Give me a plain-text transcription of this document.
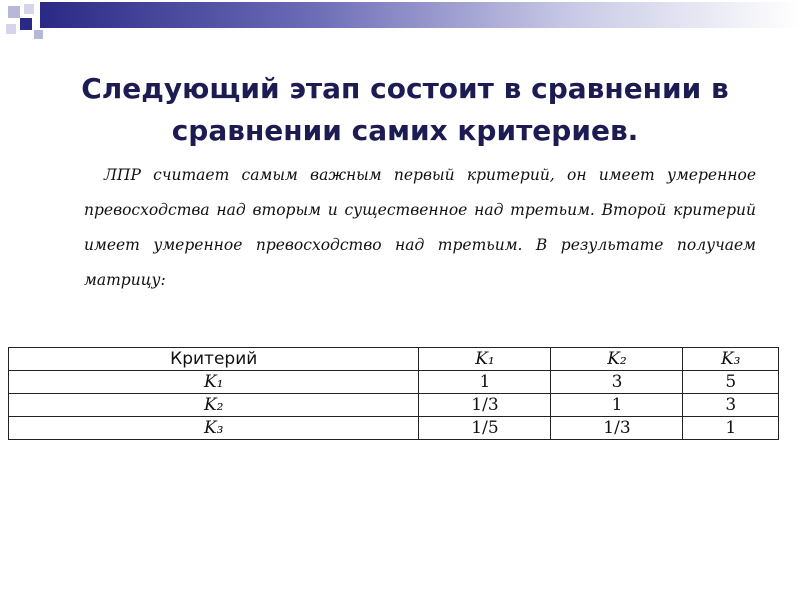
Следующий этап состоит в сравнении в сравнении самих критериев.

ЛПР считает самым важным первый критерий, он имеет умеренное превосходства над вторым и существенное над третьим. Второй критерий имеет умеренное превосходство над третьим. В результате получаем матрицу:

Критерий	K₁	K₂	K₃
K₁	1	3	5
K₂	1/3	1	3
K₃	1/5	1/3	1
